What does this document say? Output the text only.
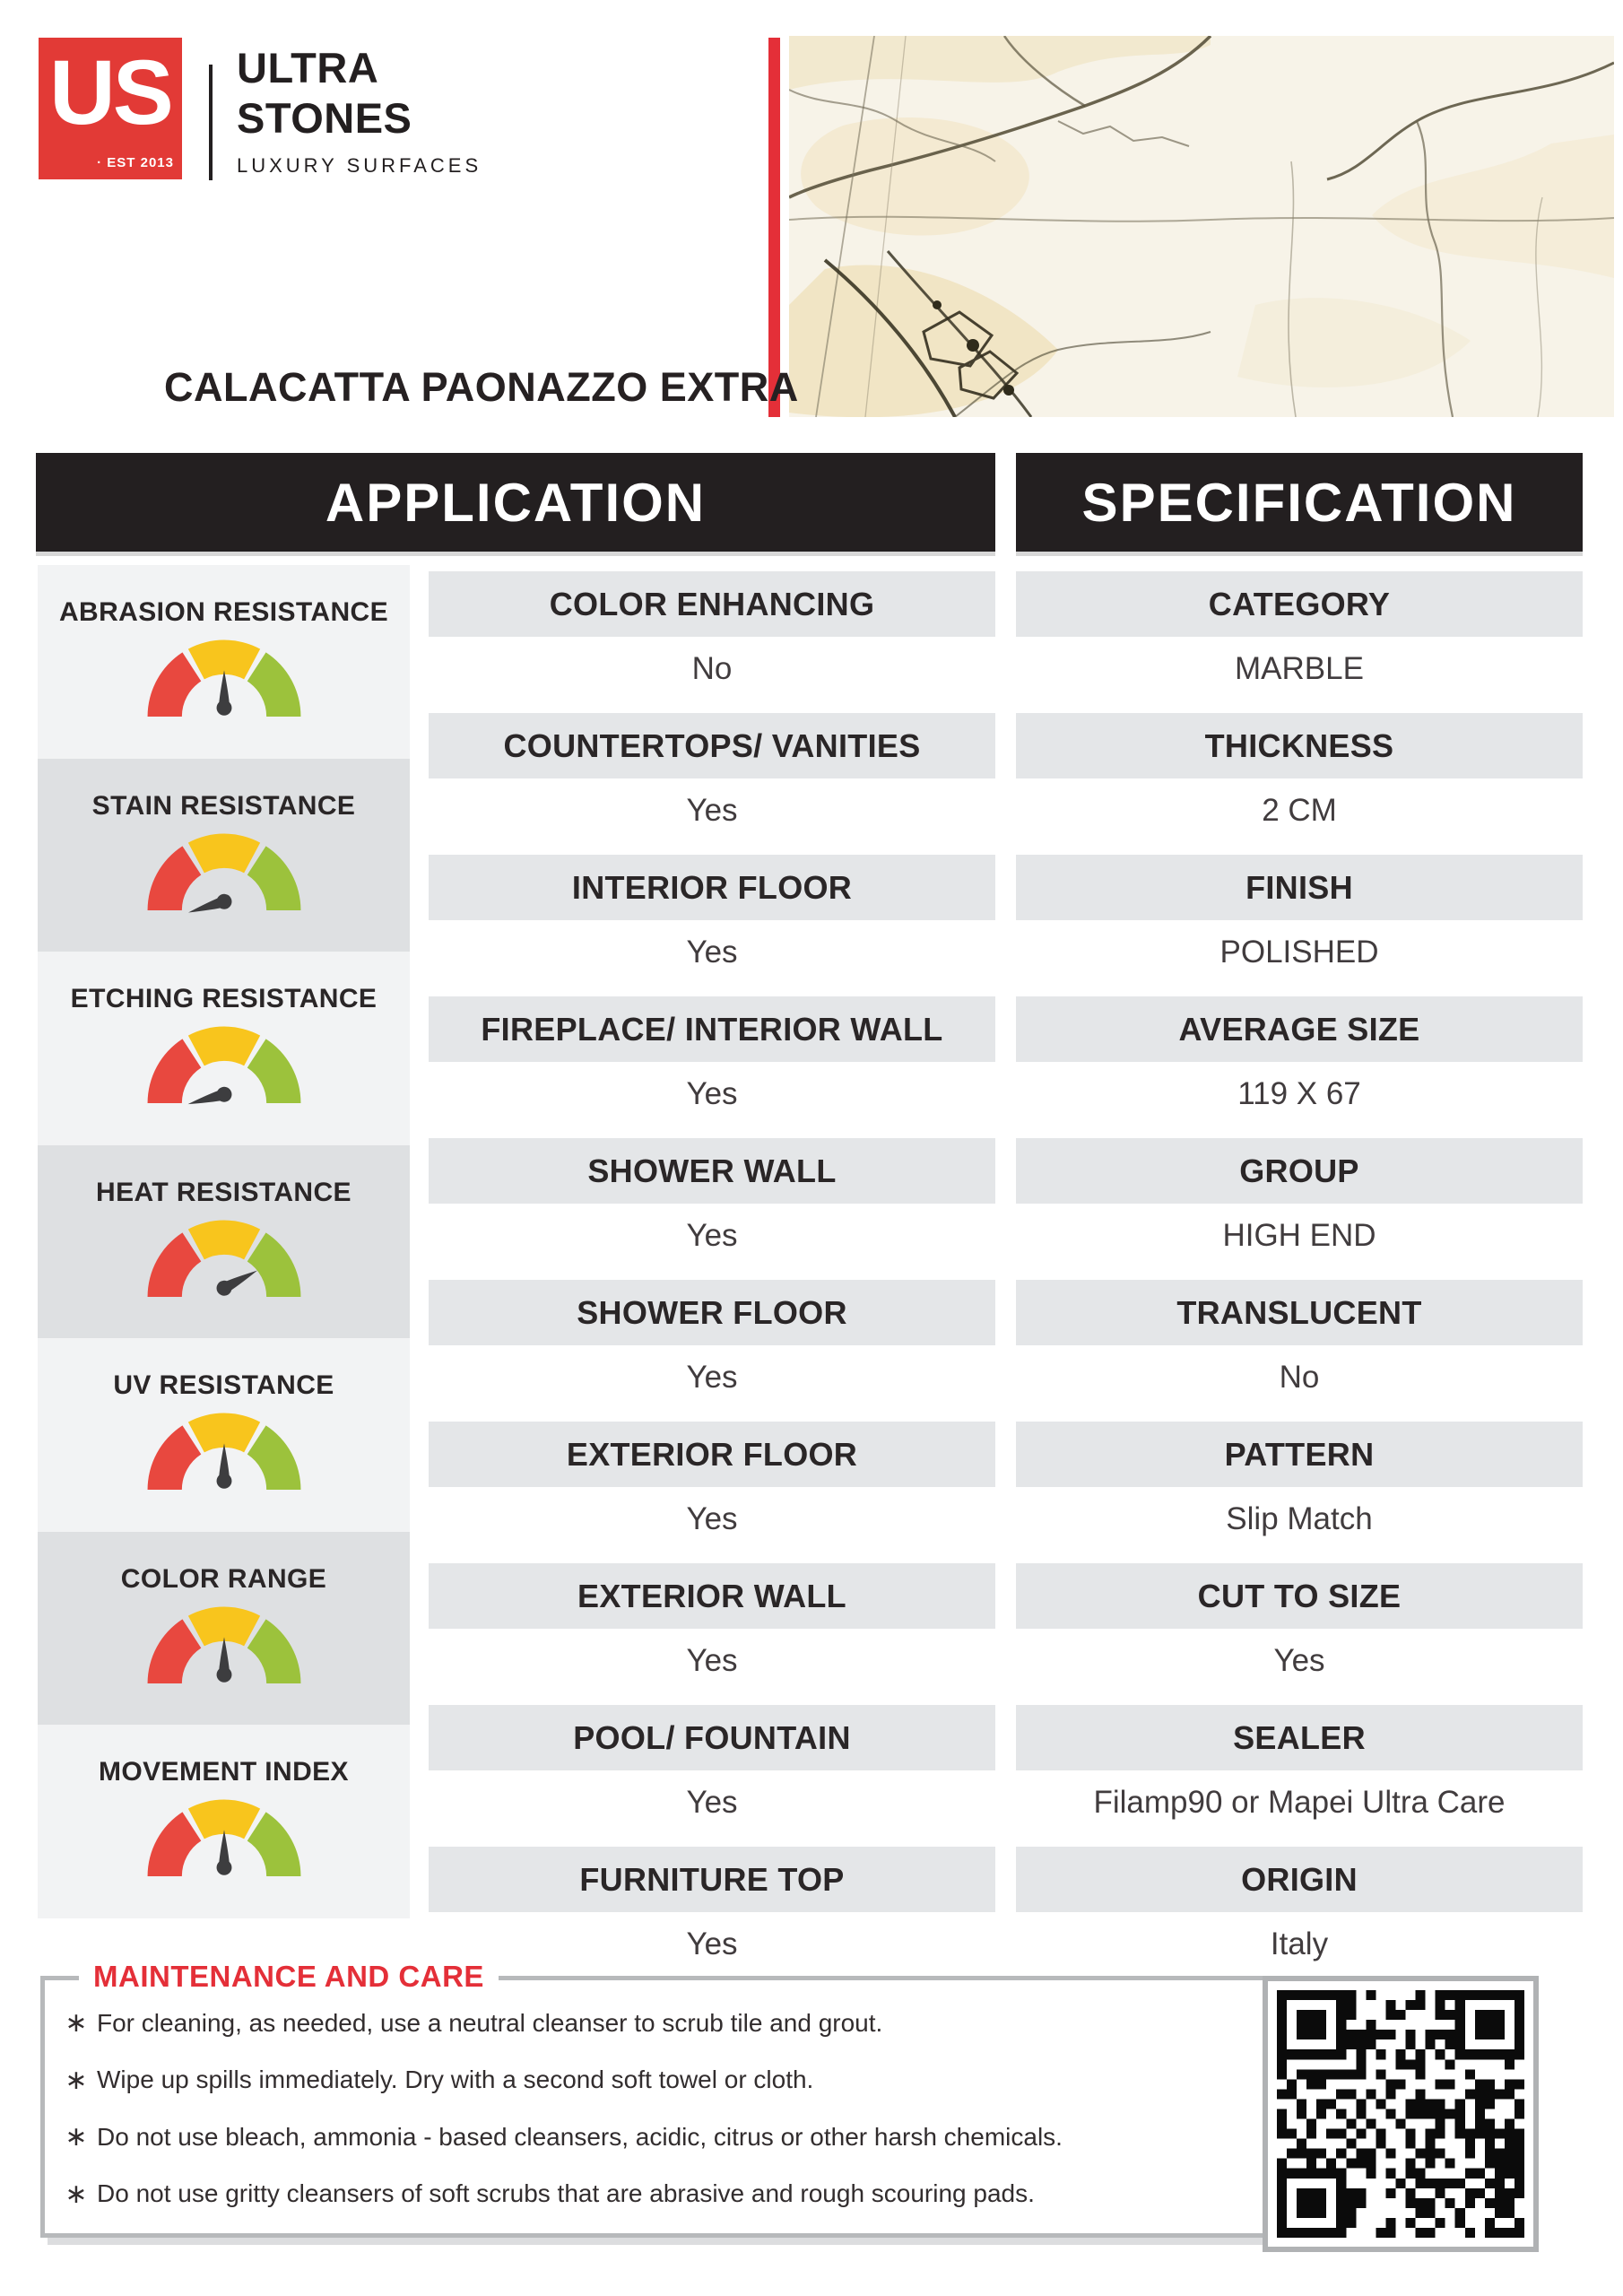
US
· EST 2013
ULTRA
STONES
LUXURY SURFACES
CALACATTA PAONAZZO EXTRA
APPLICATION	SPECIFICATION
ABRASION RESISTANCE
STAIN RESISTANCE
ETCHING RESISTANCE
HEAT RESISTANCE
UV RESISTANCE
COLOR RANGE
MOVEMENT INDEX
COLOR ENHANCING
No
COUNTERTOPS/ VANITIES
Yes
INTERIOR FLOOR
Yes
FIREPLACE/ INTERIOR WALL
Yes
SHOWER WALL
Yes
SHOWER FLOOR
Yes
EXTERIOR FLOOR
Yes
EXTERIOR WALL
Yes
POOL/ FOUNTAIN
Yes
FURNITURE TOP
Yes
CATEGORY
MARBLE
THICKNESS
2 CM
FINISH
POLISHED
AVERAGE SIZE
119 X 67
GROUP
HIGH END
TRANSLUCENT
No
PATTERN
Slip Match
CUT TO SIZE
Yes
SEALER
Filamp90 or Mapei Ultra Care
ORIGIN
Italy
∗ For cleaning, as needed, use a neutral cleanser to scrub tile and grout.
∗ Wipe up spills immediately. Dry with a second soft towel or cloth.
∗ Do not use bleach, ammonia - based cleansers, acidic, citrus or other harsh chemicals.
∗ Do not use gritty cleansers of soft scrubs that are abrasive and rough scouring pads.
MAINTENANCE AND CARE
